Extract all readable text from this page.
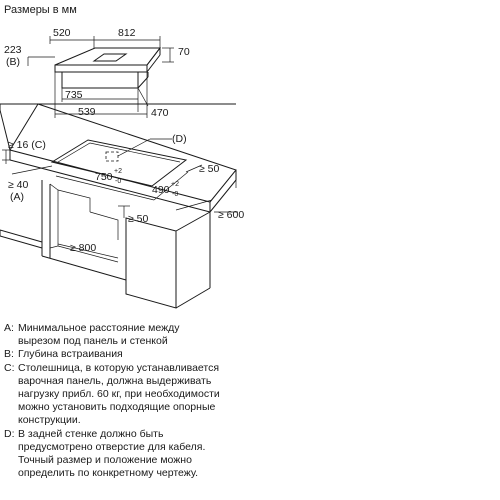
Размеры в мм
520	812
223
(B)
70
735
539	470
≥ 16 (C)
750 +2
-0
490 +2
-0
≥ 50
≥ 40
(A)
≥ 600
≥ 50
≥ 800
(D)
A: Минимальное расстояние между
вырезом под панель и стенкой
B: Глубина встраивания
C: Столешница, в которую устанавливается
варочная панель, должна выдерживать
нагрузку прибл. 60 кг, при необходимости
можно установить подходящие опорные
конструкции.
D: В задней стенке должно быть
предусмотрено отверстие для кабеля.
Точный размер и положение можно
определить по конкретному чертежу.
